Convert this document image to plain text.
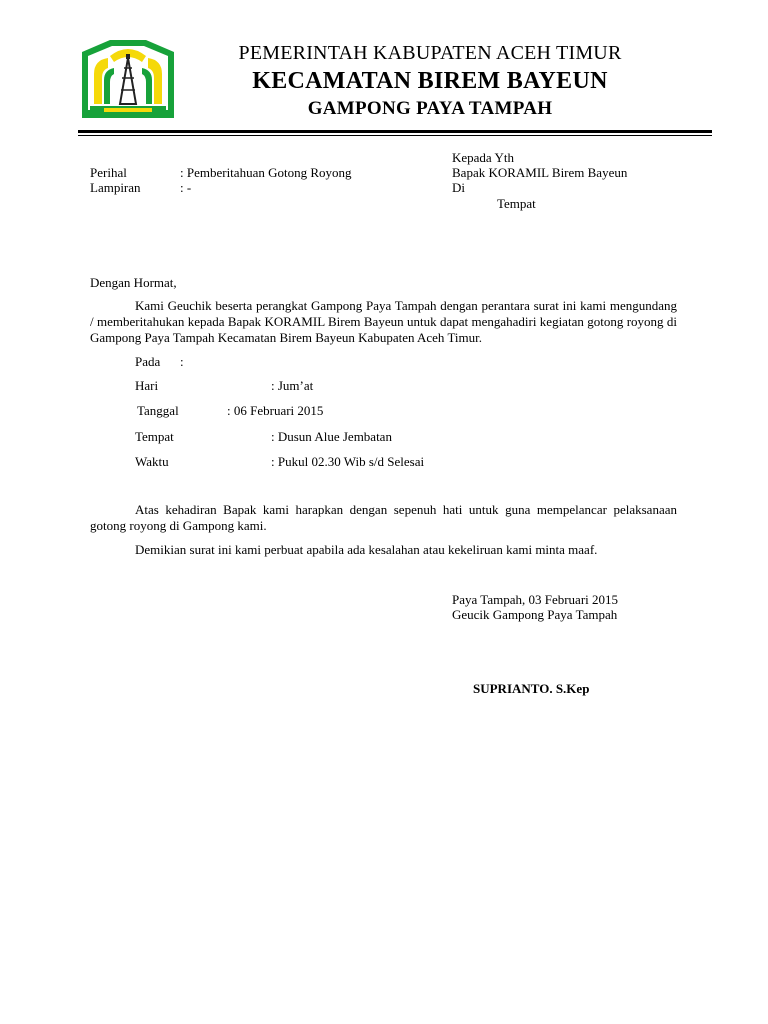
PEMERINTAH KABUPATEN ACEH TIMUR
KECAMATAN BIREM BAYEUN
GAMPONG PAYA TAMPAH
Perihal	: Pemberitahuan Gotong Royong
Lampiran	: -
Kepada Yth
Bapak KORAMIL Birem Bayeun
Di
Tempat
Dengan Hormat,
Kami Geuchik beserta perangkat Gampong Paya Tampah dengan perantara surat ini kami mengundang / memberitahukan kepada Bapak KORAMIL Birem Bayeun untuk dapat mengahadiri kegiatan gotong royong di Gampong Paya Tampah Kecamatan Birem Bayeun Kabupaten Aceh Timur.
Pada :
Hari	: Jum’at
Tanggal	: 06 Februari 2015
Tempat	: Dusun Alue Jembatan
Waktu	: Pukul 02.30 Wib s/d Selesai
Atas kehadiran Bapak kami harapkan dengan sepenuh hati untuk guna mempelancar pelaksanaan gotong royong di Gampong kami.
Demikian surat ini kami perbuat apabila ada kesalahan atau kekeliruan kami minta maaf.
Paya Tampah, 03 Februari 2015
Geucik Gampong Paya Tampah
SUPRIANTO. S.Kep
